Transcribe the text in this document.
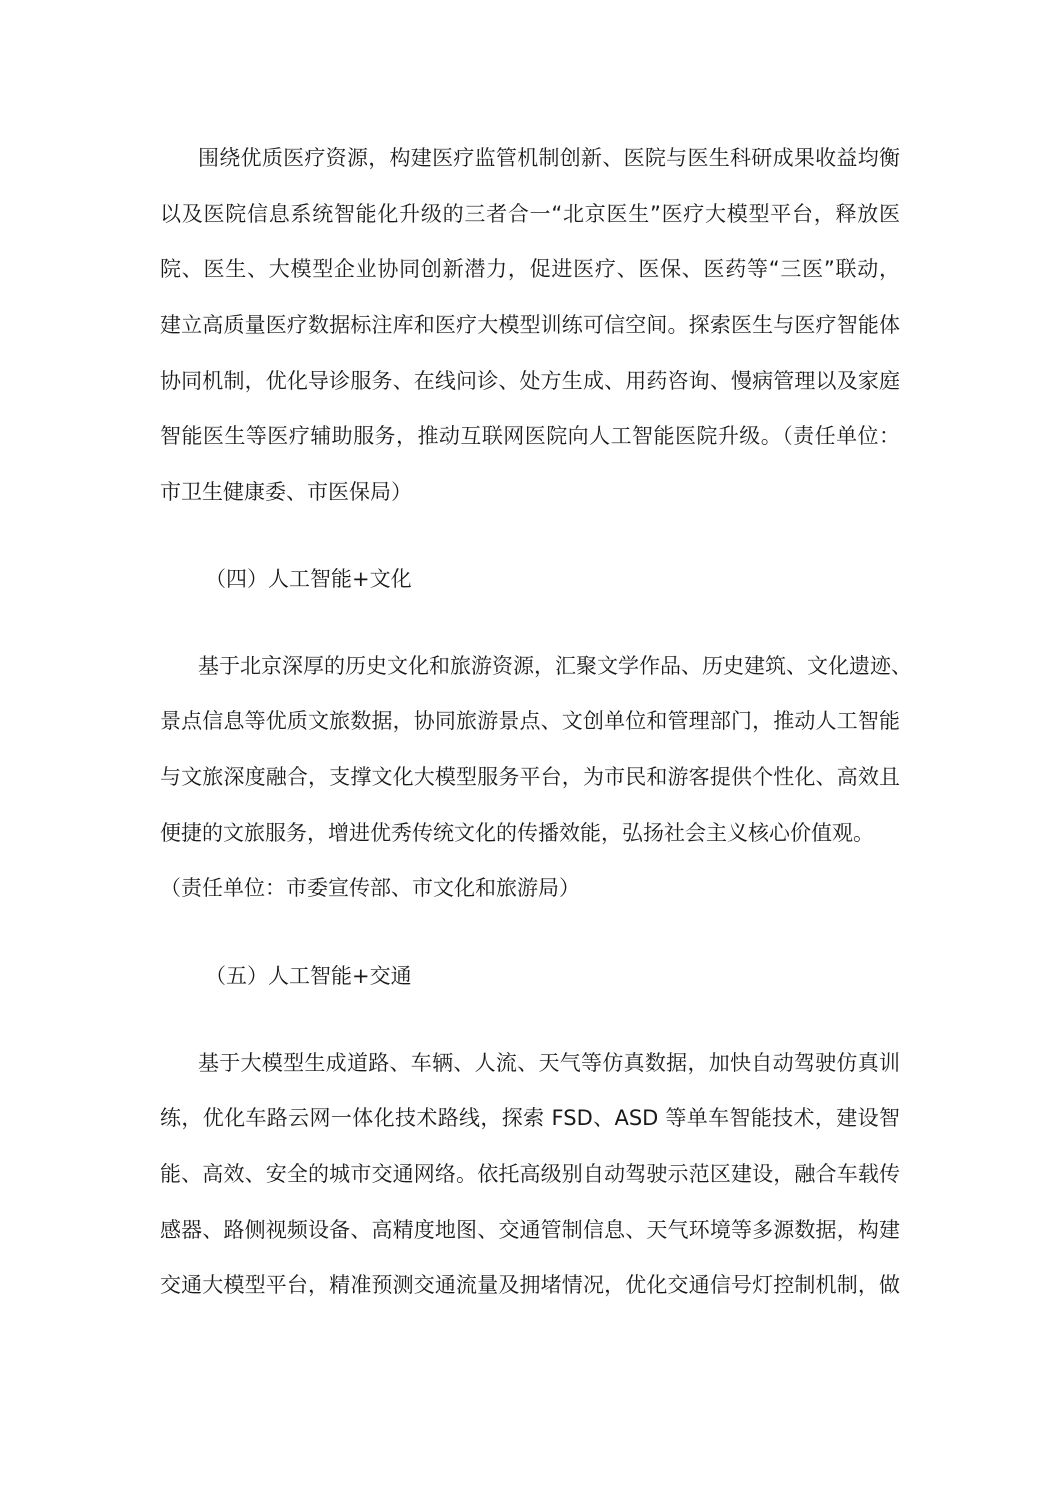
围绕优质医疗资源，构建医疗监管机制创新、医院与医生科研成果收益均衡
以及医院信息系统智能化升级的三者合一“北京医生”医疗大模型平台，释放医
院、医生、大模型企业协同创新潜力，促进医疗、医保、医药等“三医”联动，
建立高质量医疗数据标注库和医疗大模型训练可信空间。探索医生与医疗智能体
协同机制，优化导诊服务、在线问诊、处方生成、用药咨询、慢病管理以及家庭
智能医生等医疗辅助服务，推动互联网医院向人工智能医院升级。（责任单位：
市卫生健康委、市医保局）
（四）人工智能+文化
基于北京深厚的历史文化和旅游资源，汇聚文学作品、历史建筑、文化遗迹、
景点信息等优质文旅数据，协同旅游景点、文创单位和管理部门，推动人工智能
与文旅深度融合，支撑文化大模型服务平台，为市民和游客提供个性化、高效且
便捷的文旅服务，增进优秀传统文化的传播效能，弘扬社会主义核心价值观。
（责任单位：市委宣传部、市文化和旅游局）
（五）人工智能+交通
基于大模型生成道路、车辆、人流、天气等仿真数据，加快自动驾驶仿真训
练，优化车路云网一体化技术路线，探索 FSD、ASD 等单车智能技术，建设智
能、高效、安全的城市交通网络。依托高级别自动驾驶示范区建设，融合车载传
感器、路侧视频设备、高精度地图、交通管制信息、天气环境等多源数据，构建
交通大模型平台，精准预测交通流量及拥堵情况，优化交通信号灯控制机制，做
